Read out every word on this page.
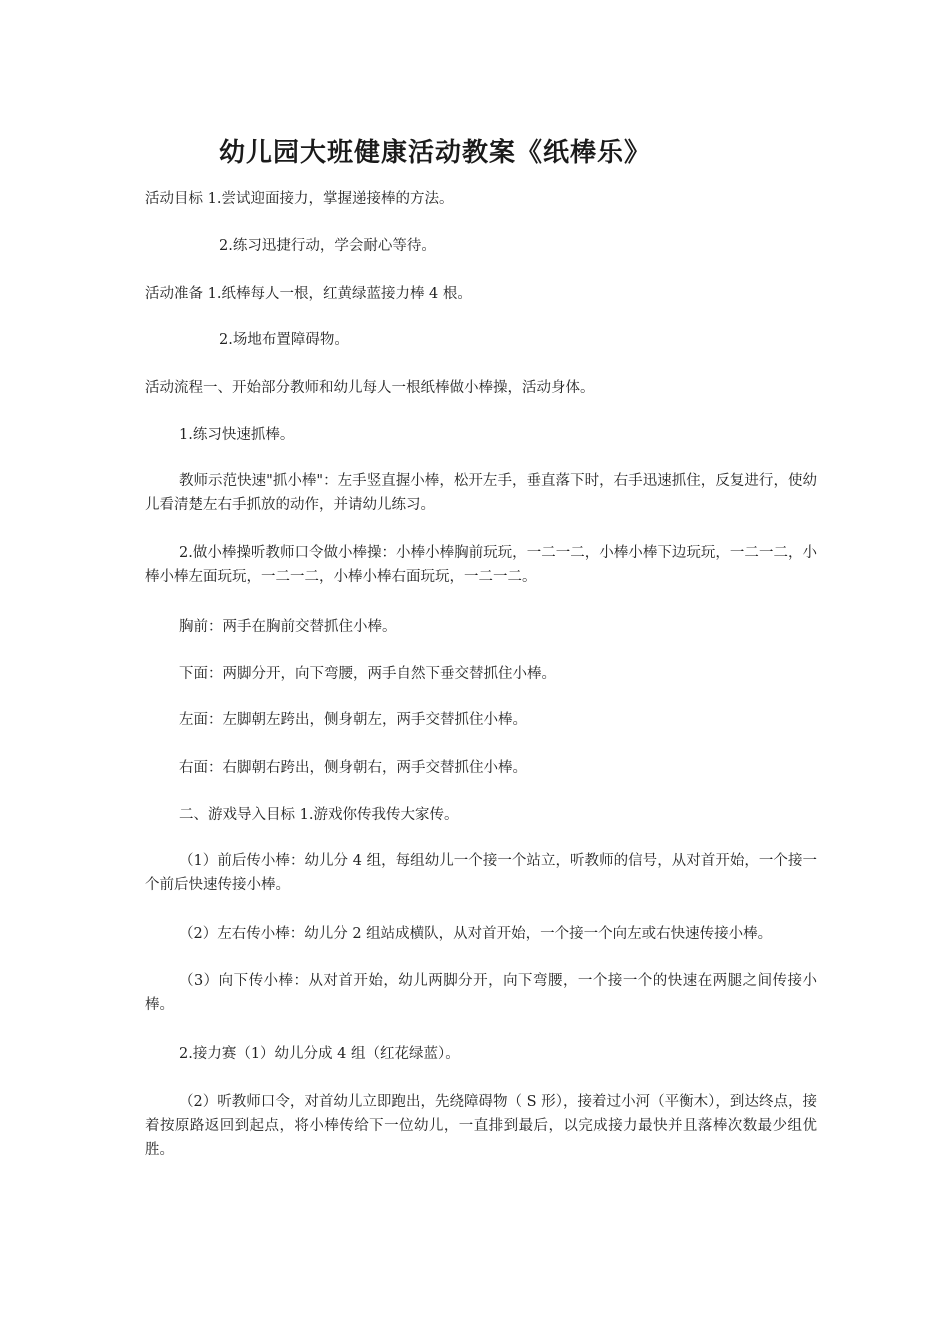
幼儿园大班健康活动教案《纸棒乐》

活动目标 1.尝试迎面接力，掌握递接棒的方法。

2.练习迅捷行动，学会耐心等待。

活动准备 1.纸棒每人一根，红黄绿蓝接力棒 4 根。

2.场地布置障碍物。

活动流程一、开始部分教师和幼儿每人一根纸棒做小棒操，活动身体。

1.练习快速抓棒。

教师示范快速"抓小棒"：左手竖直握小棒，松开左手，垂直落下时，右手迅速抓住，反复进行，使幼儿看清楚左右手抓放的动作，并请幼儿练习。

2.做小棒操听教师口令做小棒操：小棒小棒胸前玩玩，一二一二，小棒小棒下边玩玩，一二一二，小棒小棒左面玩玩，一二一二，小棒小棒右面玩玩，一二一二。

胸前：两手在胸前交替抓住小棒。

下面：两脚分开，向下弯腰，两手自然下垂交替抓住小棒。

左面：左脚朝左跨出，侧身朝左，两手交替抓住小棒。

右面：右脚朝右跨出，侧身朝右，两手交替抓住小棒。

二、游戏导入目标 1.游戏你传我传大家传。

（1）前后传小棒：幼儿分 4 组，每组幼儿一个接一个站立，听教师的信号，从对首开始，一个接一个前后快速传接小棒。

（2）左右传小棒：幼儿分 2 组站成横队，从对首开始，一个接一个向左或右快速传接小棒。

（3）向下传小棒：从对首开始，幼儿两脚分开，向下弯腰，一个接一个的快速在两腿之间传接小棒。

2.接力赛（1）幼儿分成 4 组（红花绿蓝）。

（2）听教师口令，对首幼儿立即跑出，先绕障碍物（ S 形），接着过小河（平衡木），到达终点，接着按原路返回到起点，将小棒传给下一位幼儿，一直排到最后，以完成接力最快并且落棒次数最少组优胜。
